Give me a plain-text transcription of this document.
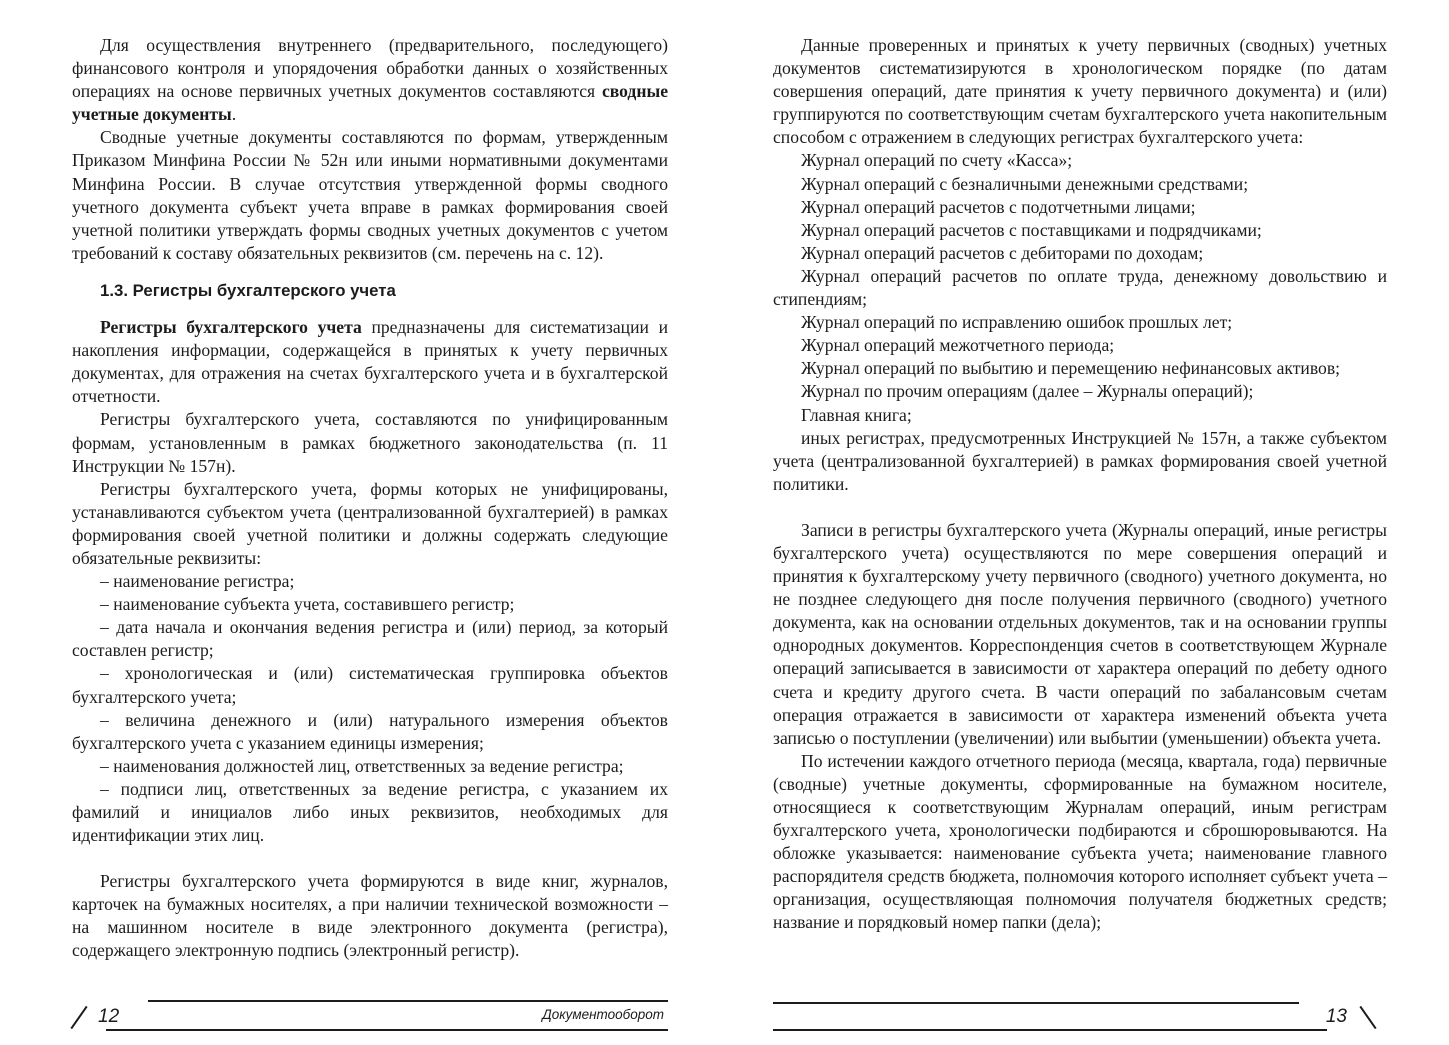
Для осуществления внутреннего (предварительного, последующего) финансового контроля и упорядочения обработки данных о хозяйственных операциях на основе первичных учетных документов составляются сводные учетные документы.

Сводные учетные документы составляются по формам, утвержденным Приказом Минфина России № 52н или иными нормативными документами Минфина России. В случае отсутствия утвержденной формы сводного учетного документа субъект учета вправе в рамках формирования своей учетной политики утверждать формы сводных учетных документов с учетом требований к составу обязательных реквизитов (см. перечень на с. 12).

1.3. Регистры бухгалтерского учета

Регистры бухгалтерского учета предназначены для систематизации и накопления информации, содержащейся в принятых к учету первичных документах, для отражения на счетах бухгалтерского учета и в бухгалтерской отчетности.

Регистры бухгалтерского учета, составляются по унифицированным формам, установленным в рамках бюджетного законодательства (п. 11 Инструкции № 157н).

Регистры бухгалтерского учета, формы которых не унифицированы, устанавливаются субъектом учета (централизованной бухгалтерией) в рамках формирования своей учетной политики и должны содержать следующие обязательные реквизиты:

– наименование регистра;

– наименование субъекта учета, составившего регистр;

– дата начала и окончания ведения регистра и (или) период, за который составлен регистр;

– хронологическая и (или) систематическая группировка объектов бухгалтерского учета;

– величина денежного и (или) натурального измерения объектов бухгалтерского учета с указанием единицы измерения;

– наименования должностей лиц, ответственных за ведение регистра;

– подписи лиц, ответственных за ведение регистра, с указанием их фамилий и инициалов либо иных реквизитов, необходимых для идентификации этих лиц.

Регистры бухгалтерского учета формируются в виде книг, журналов, карточек на бумажных носителях, а при наличии технической возможности – на машинном носителе в виде электронного документа (регистра), содержащего электронную подпись (электронный регистр).

12	Документооборот

Данные проверенных и принятых к учету первичных (сводных) учетных документов систематизируются в хронологическом порядке (по датам совершения операций, дате принятия к учету первичного документа) и (или) группируются по соответствующим счетам бухгалтерского учета накопительным способом с отражением в следующих регистрах бухгалтерского учета:

Журнал операций по счету «Касса»;

Журнал операций с безналичными денежными средствами;

Журнал операций расчетов с подотчетными лицами;

Журнал операций расчетов с поставщиками и подрядчиками;

Журнал операций расчетов с дебиторами по доходам;

Журнал операций расчетов по оплате труда, денежному довольствию и стипендиям;

Журнал операций по исправлению ошибок прошлых лет;

Журнал операций межотчетного периода;

Журнал операций по выбытию и перемещению нефинансовых активов;

Журнал по прочим операциям (далее – Журналы операций);

Главная книга;

иных регистрах, предусмотренных Инструкцией № 157н, а также субъектом учета (централизованной бухгалтерией) в рамках формирования своей учетной политики.

Записи в регистры бухгалтерского учета (Журналы операций, иные регистры бухгалтерского учета) осуществляются по мере совершения операций и принятия к бухгалтерскому учету первичного (сводного) учетного документа, но не позднее следующего дня после получения первичного (сводного) учетного документа, как на основании отдельных документов, так и на основании группы однородных документов. Корреспонденция счетов в соответствующем Журнале операций записывается в зависимости от характера операций по дебету одного счета и кредиту другого счета. В части операций по забалансовым счетам операция отражается в зависимости от характера изменений объекта учета записью о поступлении (увеличении) или выбытии (уменьшении) объекта учета.

По истечении каждого отчетного периода (месяца, квартала, года) первичные (сводные) учетные документы, сформированные на бумажном носителе, относящиеся к соответствующим Журналам операций, иным регистрам бухгалтерского учета, хронологически подбираются и сброшюровываются. На обложке указывается: наименование субъекта учета; наименование главного распорядителя средств бюджета, полномочия которого исполняет субъект учета – организация, осуществляющая полномочия получателя бюджетных средств; название и порядковый номер папки (дела);

13
